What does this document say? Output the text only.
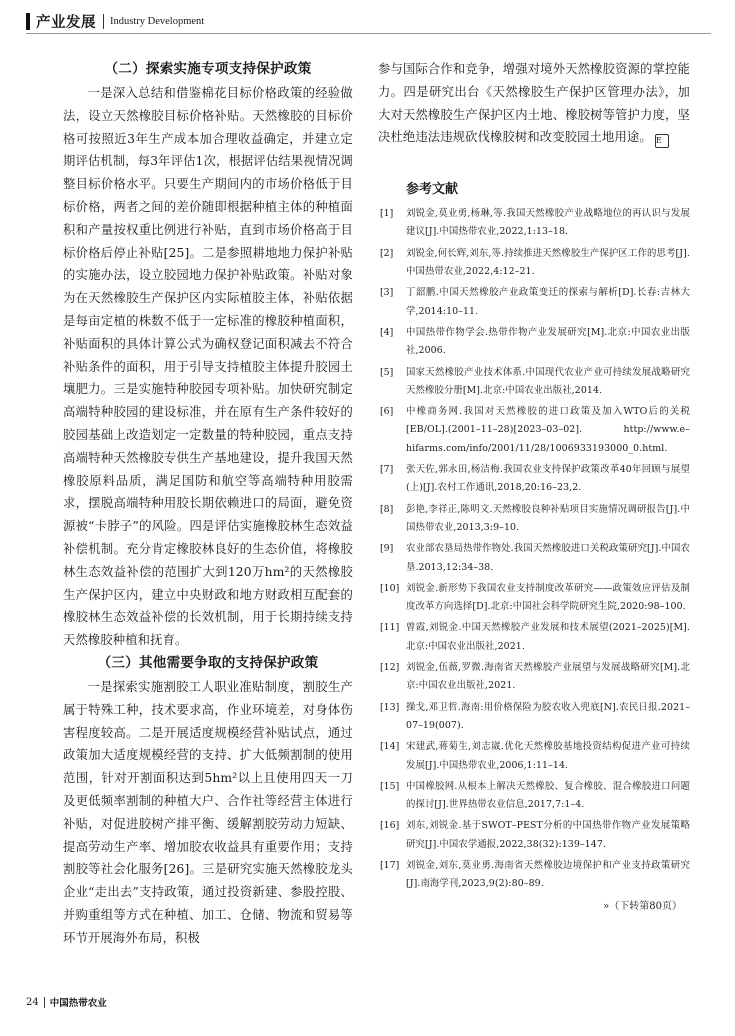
产业发展 Industry Development
（二）探索实施专项支持保护政策

一是深入总结和借鉴棉花目标价格政策的经验做法，设立天然橡胶目标价格补贴。天然橡胶的目标价格可按照近3年生产成本加合理收益确定，并建立定期评估机制，每3年评估1次，根据评估结果视情况调整目标价格水平。只要生产期间内的市场价格低于目标价格，两者之间的差价随即根据种植主体的种植面积和产量按权重比例进行补贴，直到市场价格高于目标价格后停止补贴[25]。二是参照耕地地力保护补贴的实施办法，设立胶园地力保护补贴政策。补贴对象为在天然橡胶生产保护区内实际植胶主体，补贴依据是每亩定植的株数不低于一定标准的橡胶种植面积，补贴面积的具体计算公式为确权登记面积减去不符合补贴条件的面积，用于引导支持植胶主体提升胶园土壤肥力。三是实施特种胶园专项补贴。加快研究制定高端特种胶园的建设标准，并在原有生产条件较好的胶园基础上改造划定一定数量的特种胶园，重点支持高端特种天然橡胶专供生产基地建设，提升我国天然橡胶原料品质，满足国防和航空等高端特种用胶需求，摆脱高端特种用胶长期依赖进口的局面，避免资源被“卡脖子”的风险。四是评估实施橡胶林生态效益补偿机制。充分肯定橡胶林良好的生态价值，将橡胶林生态效益补偿的范围扩大到120万hm²的天然橡胶生产保护区内，建立中央财政和地方财政相互配套的橡胶林生态效益补偿的长效机制，用于长期持续支持天然橡胶种植和抚育。

（三）其他需要争取的支持保护政策

一是探索实施割胶工人职业准贴制度，割胶生产属于特殊工种，技术要求高，作业环境差，对身体伤害程度较高。二是开展适度规模经营补贴试点，通过政策加大适度规模经营的支持、扩大低频割制的使用范围，针对开割面积达到5hm²以上且使用四天一刀及更低频率割制的种植大户、合作社等经营主体进行补贴，对促进胶树产排平衡、缓解割胶劳动力短缺、提高劳动生产率、增加胶农收益具有重要作用；支持割胶等社会化服务[26]。三是研究实施天然橡胶龙头企业“走出去”支持政策，通过投资新建、参股控股、并购重组等方式在种植、加工、仓储、物流和贸易等环节开展海外布局，积极

参与国际合作和竞争，增强对境外天然橡胶资源的掌控能力。四是研究出台《天然橡胶生产保护区管理办法》，加大对天然橡胶生产保护区内土地、橡胶树等管护力度，坚决杜绝违法违规砍伐橡胶树和改变胶园土地用途。 E

参考文献
[1]	刘锐金,莫业勇,杨琳,等.我国天然橡胶产业战略地位的再认识与发展建议[J].中国热带农业,2022,1:13–18.
[2]	刘锐金,何长辉,刘东,等.持续推进天然橡胶生产保护区工作的思考[J].中国热带农业,2022,4:12–21.
[3]	丁韶鹏.中国天然橡胶产业政策变迁的探索与解析[D].长春:吉林大学,2014:10–11.
[4]	中国热带作物学会.热带作物产业发展研究[M].北京:中国农业出版社,2006.
[5]	国家天然橡胶产业技术体系.中国现代农业产业可持续发展战略研究天然橡胶分册[M].北京:中国农业出版社,2014.
[6]	中橡商务网.我国对天然橡胶的进口政策及加入WTO后的关税[EB/OL].(2001–11–28)[2023–03–02]. http://www.e–hifarms.com/info/2001/11/28/1006933193000_0.html.
[7]	张天佐,郭永田,杨洁梅.我国农业支持保护政策改革40年回顾与展望(上)[J].农村工作通讯,2018,20:16–23,2.
[8]	彭艳,李祥正,陈明文.天然橡胶良种补贴项目实施情况调研报告[J].中国热带农业,2013,3:9–10.
[9]	农业部农垦局热带作物处.我国天然橡胶进口关税政策研究[J].中国农垦.2013,12:34–38.
[10] 刘锐金.新形势下我国农业支持制度改革研究——政策效应评估及制度改革方向选择[D].北京:中国社会科学院研究生院,2020:98–100.
[11] 曾霞,刘锐金.中国天然橡胶产业发展和技术展望(2021–2025)[M].北京:中国农业出版社,2021.
[12] 刘锐金,伍薇,罗微.海南省天然橡胶产业展望与发展战略研究[M].北京:中国农业出版社,2021.
[13] 操戈,邓卫哲.海南:用价格保险为胶农收入兜底[N].农民日报.2021–07–19(007).
[14] 宋建武,蒋菊生,刘志崴.优化天然橡胶基地投资结构促进产业可持续发展[J].中国热带农业,2006,1:11–14.
[15] 中国橡胶网.从根本上解决天然橡胶、复合橡胶、混合橡胶进口问题的探讨[J].世界热带农业信息,2017,7:1–4.
[16] 刘东,刘锐金.基于SWOT–PEST分析的中国热带作物产业发展策略研究[J].中国农学通报,2022,38(32):139–147.
[17] 刘锐金,刘东,莫业勇.海南省天然橡胶边境保护和产业支持政策研究[J].南海学刊,2023,9(2):80–89.
»（下转第80页）
24 中国热带农业
